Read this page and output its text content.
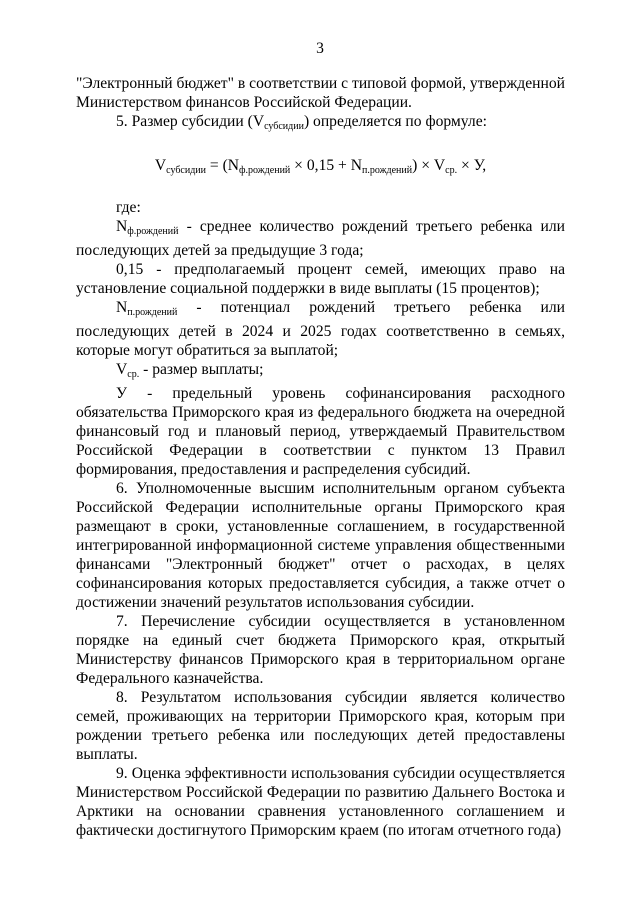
3

"Электронный бюджет" в соответствии с типовой формой, утвержденной Министерством финансов Российской Федерации.

5. Размер субсидии $(V_{субсидии})$ определяется по формуле:

$V_{субсидии} = (N_{ф.рождений} \times 0,15 + N_{п.рождений}) \times V_{ср.} \times У$,

где:

$N_{ф.рождений}$ - среднее количество рождений третьего ребенка или последующих детей за предыдущие 3 года;

0,15 - предполагаемый процент семей, имеющих право на установление социальной поддержки в виде выплаты (15 процентов);

$N_{п.рождений}$ - потенциал рождений третьего ребенка или последующих детей в 2024 и 2025 годах соответственно в семьях, которые могут обратиться за выплатой;

$V_{ср.}$ - размер выплаты;

У - предельный уровень софинансирования расходного обязательства Приморского края из федерального бюджета на очередной финансовый год и плановый период, утверждаемый Правительством Российской Федерации в соответствии с пунктом 13 Правил формирования, предоставления и распределения субсидий.

6. Уполномоченные высшим исполнительным органом субъекта Российской Федерации исполнительные органы Приморского края размещают в сроки, установленные соглашением, в государственной интегрированной информационной системе управления общественными финансами "Электронный бюджет" отчет о расходах, в целях софинансирования которых предоставляется субсидия, а также отчет о достижении значений результатов использования субсидии.

7. Перечисление субсидии осуществляется в установленном порядке на единый счет бюджета Приморского края, открытый Министерству финансов Приморского края в территориальном органе Федерального казначейства.

8. Результатом использования субсидии является количество семей, проживающих на территории Приморского края, которым при рождении третьего ребенка или последующих детей предоставлены выплаты.

9. Оценка эффективности использования субсидии осуществляется Министерством Российской Федерации по развитию Дальнего Востока и Арктики на основании сравнения установленного соглашением и фактически достигнутого Приморским краем (по итогам отчетного года)
